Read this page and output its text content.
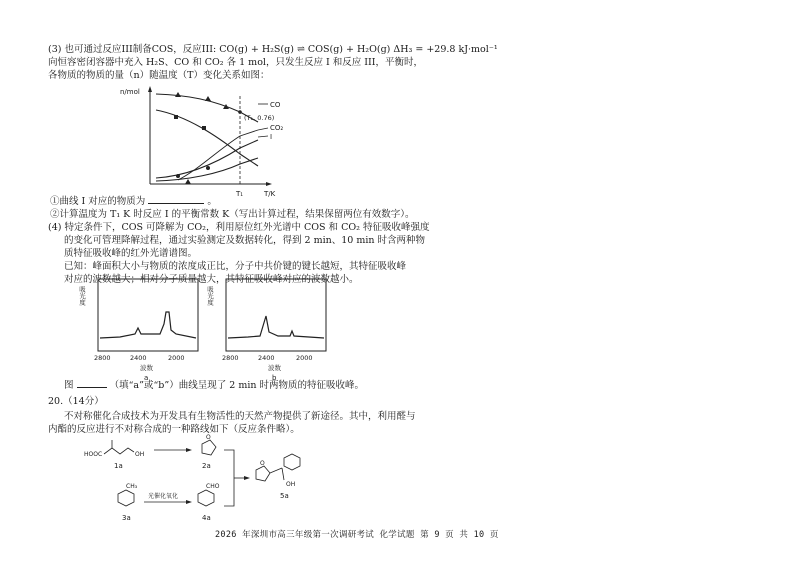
(3) 也可通过反应III制备COS，反应III: CO(g) + H₂S(g) ⇌ COS(g) + H₂O(g) ΔH₃ = +29.8 kJ·mol⁻¹
向恒容密闭容器中充入 H₂S、CO 和 CO₂ 各 1 mol，只发生反应 I 和反应 III，平衡时，
各物质的物质的量（n）随温度（T）变化关系如图：
n/mol
T/K
T₁
CO
(T₁, 0.76)
CO₂
I
①曲线 I 对应的物质为	。
②计算温度为 T₁ K 时反应 I 的平衡常数 K（写出计算过程，结果保留两位有效数字）。
(4) 特定条件下，COS 可降解为 CO₂，利用原位红外光谱中 COS 和 CO₂ 特征吸收峰强度
的变化可管理降解过程，通过实验测定及数据转化，得到 2 min、10 min 时含两种物
质特征吸收峰的红外光谱谱图。
已知：峰面积大小与物质的浓度成正比，分子中共价键的键长越短，其特征吸收峰
对应的波数越大；相对分子质量越大，其特征吸收峰对应的波数越小。
吸光度
2800	2400	2000
波数
a
吸光度
2800	2400	2000
波数
b
图	（填“a”或“b”）曲线呈现了 2 min 时两物质的特征吸收峰。
20.（14分）
不对称催化合成技术为开发具有生物活性的天然产物提供了新途径。其中，利用醛与
内酯的反应进行不对称合成的一种路线如下（反应条件略）。
HOOC	OH
1a
O
2a	O
OH
5a
CH₃
3a
光催化氧化
CHO
4a
2026 年深圳市高三年级第一次调研考试 化学试题 第 9 页 共 10 页
